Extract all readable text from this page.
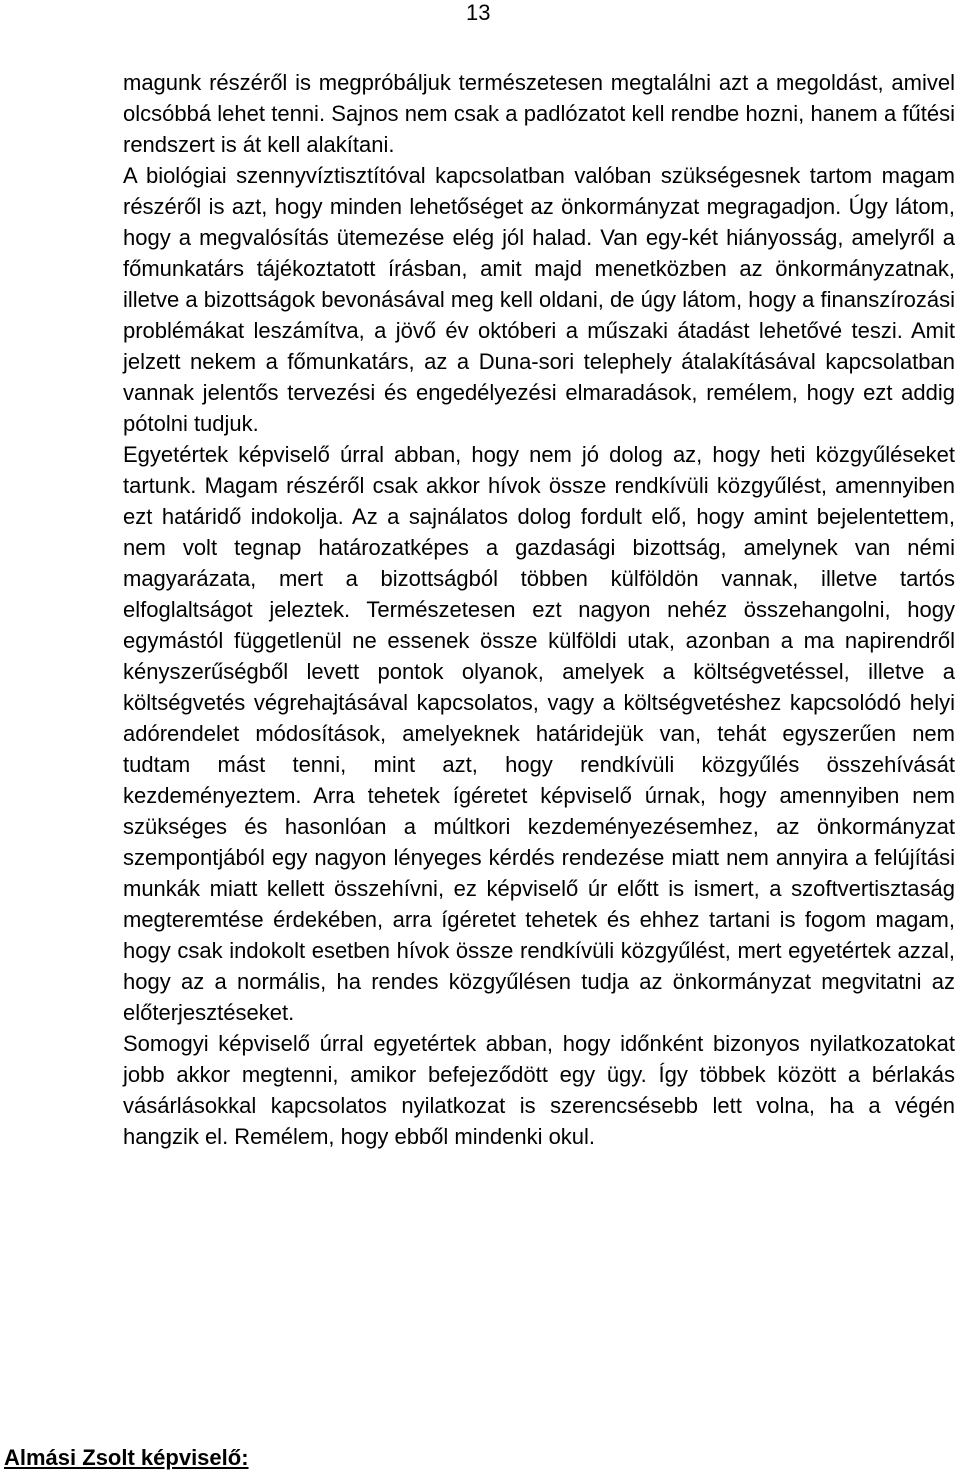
13

magunk részéről is megpróbáljuk természetesen megtalálni azt a megoldást, amivel olcsóbbá lehet tenni. Sajnos nem csak a padlózatot kell rendbe hozni, hanem a fűtési rendszert is át kell alakítani.

A biológiai szennyvíztisztítóval kapcsolatban valóban szükségesnek tartom magam részéről is azt, hogy minden lehetőséget az önkormányzat megragadjon. Úgy látom, hogy a megvalósítás ütemezése elég jól halad. Van egy-két hiányosság, amelyről a főmunkatárs tájékoztatott írásban, amit majd menetközben az önkormányzatnak, illetve a bizottságok bevonásával meg kell oldani, de úgy látom, hogy a finanszírozási problémákat leszámítva, a jövő év októberi a műszaki átadást lehetővé teszi. Amit jelzett nekem a főmunkatárs, az a Duna-sori telephely átalakításával kapcsolatban vannak jelentős tervezési és engedélyezési elmaradások, remélem, hogy ezt addig pótolni tudjuk.

Egyetértek képviselő úrral abban, hogy nem jó dolog az, hogy heti közgyűléseket tartunk. Magam részéről csak akkor hívok össze rendkívüli közgyűlést, amennyiben ezt határidő indokolja. Az a sajnálatos dolog fordult elő, hogy amint bejelentettem, nem volt tegnap határozatképes a gazdasági bizottság, amelynek van némi magyarázata, mert a bizottságból többen külföldön vannak, illetve tartós elfoglaltságot jeleztek. Természetesen ezt nagyon nehéz összehangolni, hogy egymástól függetlenül ne essenek össze külföldi utak, azonban a ma napirendről kényszerűségből levett pontok olyanok, amelyek a költségvetéssel, illetve a költségvetés végrehajtásával kapcsolatos, vagy a költségvetéshez kapcsolódó helyi adórendelet módosítások, amelyeknek határidejük van, tehát egyszerűen nem tudtam mást tenni, mint azt, hogy rendkívüli közgyűlés összehívását kezdeményeztem. Arra tehetek ígéretet képviselő úrnak, hogy amennyiben nem szükséges és hasonlóan a múltkori kezdeményezésemhez, az önkormányzat szempontjából egy nagyon lényeges kérdés rendezése miatt nem annyira a felújítási munkák miatt kellett összehívni, ez képviselő úr előtt is ismert, a szoftvertisztaság megteremtése érdekében, arra ígéretet tehetek és ehhez tartani is fogom magam, hogy csak indokolt esetben hívok össze rendkívüli közgyűlést, mert egyetértek azzal, hogy az a normális, ha rendes közgyűlésen tudja az önkormányzat megvitatni az előterjesztéseket.

Somogyi képviselő úrral egyetértek abban, hogy időnként bizonyos nyilatkozatokat jobb akkor megtenni, amikor befejeződött egy ügy. Így többek között a bérlakás vásárlásokkal kapcsolatos nyilatkozat is szerencsésebb lett volna, ha a végén hangzik el. Remélem, hogy ebből mindenki okul.

Almási Zsolt képviselő:
